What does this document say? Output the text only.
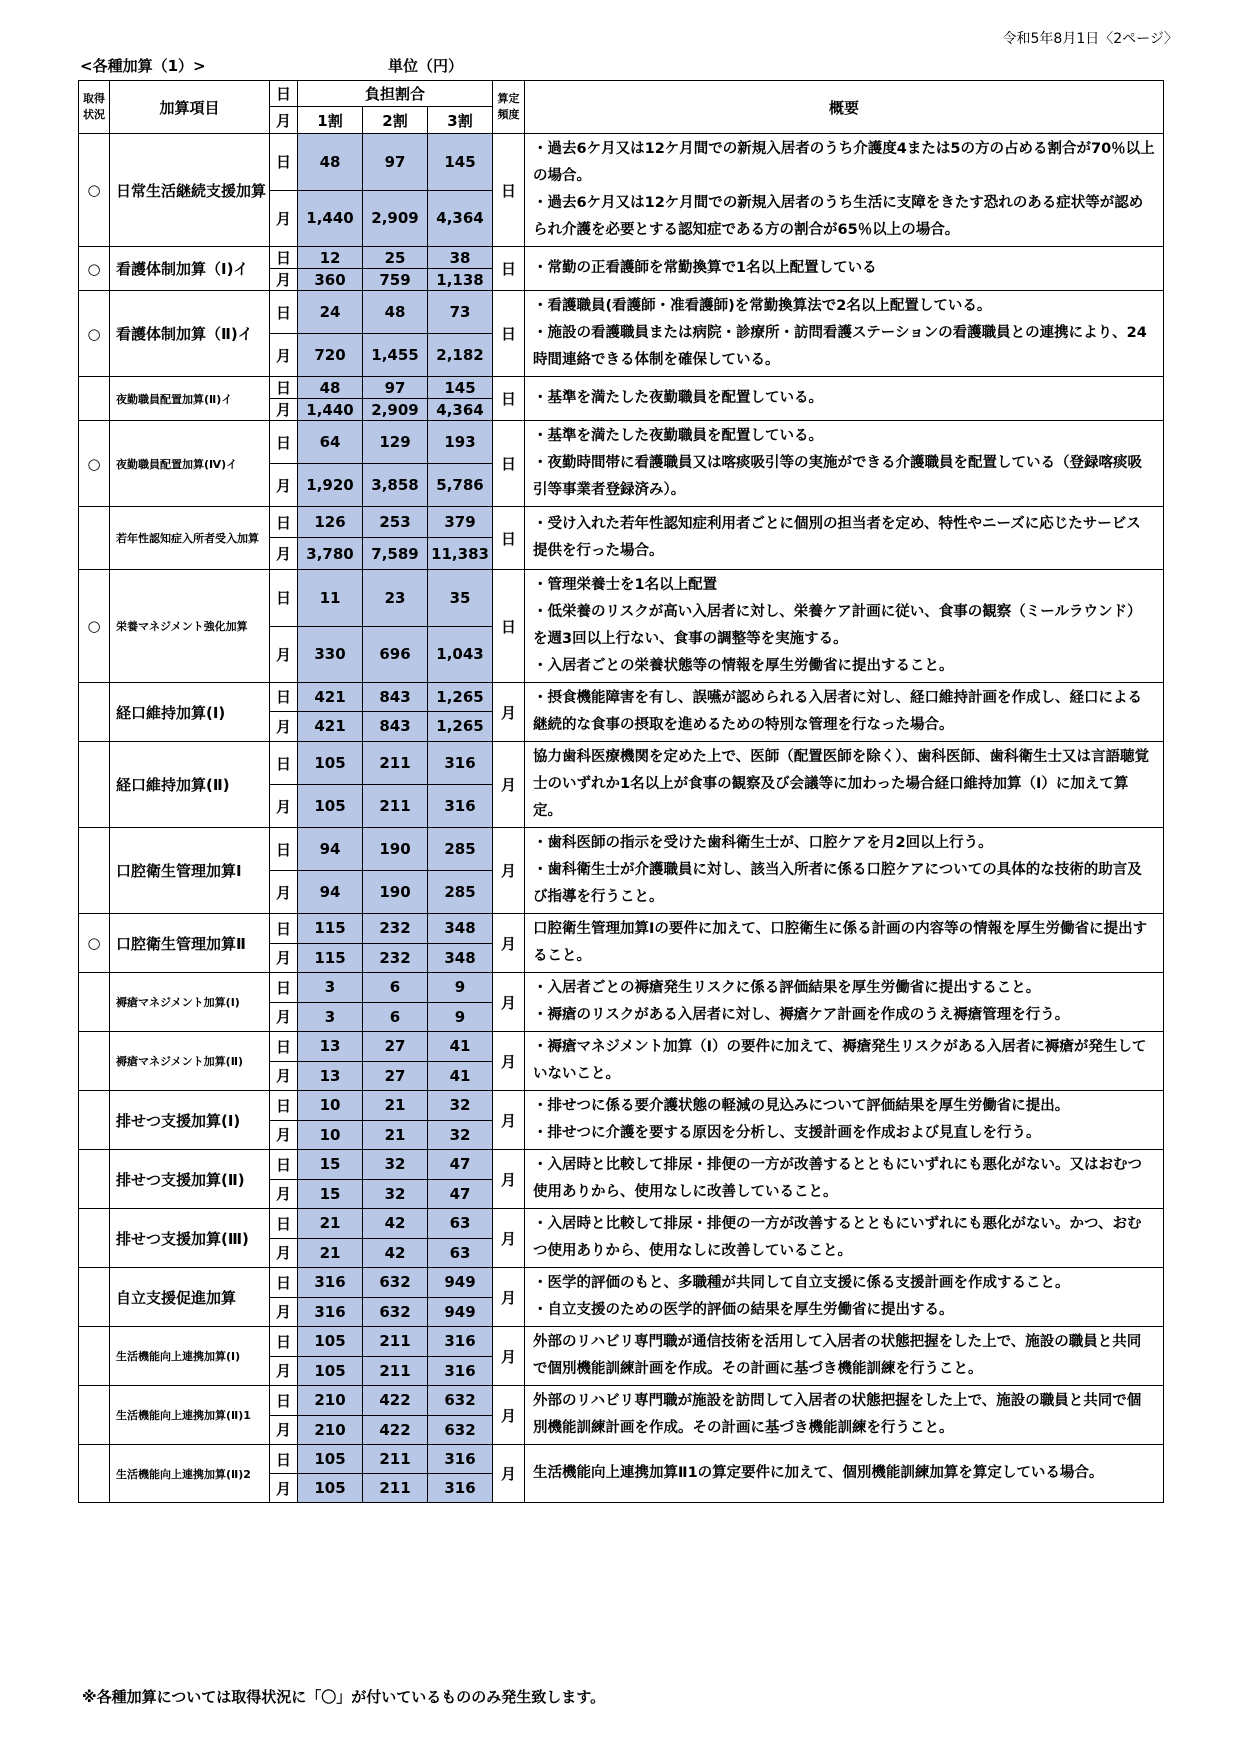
令和5年8月1日〈2ページ〉
<各種加算（1）>	単位（円）
取得状況	加算項目	日	負担割合			算定頻度	概要
		月	1割	2割	3割		
○	日常生活継続支援加算	日	48	97	145	日	・過去6ケ月又は12ケ月間での新規入居者のうち介護度4または5の方の占める割合が70％以上の場合。
・過去6ケ月又は12ケ月間での新規入居者のうち生活に支障をきたす恐れのある症状等が認められ介護を必要とする認知症である方の割合が65％以上の場合。

		月	1,440	2,909	4,364		
○	看護体制加算（Ⅰ)イ	日	12	25	38	日	・常勤の正看護師を常勤換算で1名以上配置している

		月	360	759	1,138		
○	看護体制加算（Ⅱ)イ	日	24	48	73	日	・看護職員(看護師・准看護師)を常勤換算法で2名以上配置している。
・施設の看護職員または病院・診療所・訪問看護ステーションの看護職員との連携により、24時間連絡できる体制を確保している。

		月	720	1,455	2,182		
	夜勤職員配置加算(Ⅱ)イ	日	48	97	145	日	・基準を満たした夜勤職員を配置している。

		月	1,440	2,909	4,364		
○	夜勤職員配置加算(Ⅳ)イ	日	64	129	193	日	・基準を満たした夜勤職員を配置している。
・夜勤時間帯に看護職員又は喀痰吸引等の実施ができる介護職員を配置している（登録喀痰吸引等事業者登録済み）。

		月	1,920	3,858	5,786		
	若年性認知症入所者受入加算	日	126	253	379	日	・受け入れた若年性認知症利用者ごとに個別の担当者を定め、特性やニーズに応じたサービス提供を行った場合。

		月	3,780	7,589	11,383		
○	栄養マネジメント強化加算	日	11	23	35	日	・管理栄養士を1名以上配置
・低栄養のリスクが高い入居者に対し、栄養ケア計画に従い、食事の観察（ミールラウンド）を週3回以上行ない、食事の調整等を実施する。
・入居者ごとの栄養状態等の情報を厚生労働省に提出すること。

		月	330	696	1,043		
	経口維持加算(Ⅰ)	日	421	843	1,265	月	・摂食機能障害を有し、誤嚥が認められる入居者に対し、経口維持計画を作成し、経口による継続的な食事の摂取を進めるための特別な管理を行なった場合。

		月	421	843	1,265		
	経口維持加算(Ⅱ)	日	105	211	316	月	協力歯科医療機関を定めた上で、医師（配置医師を除く）、歯科医師、歯科衛生士又は言語聴覚士のいずれか1名以上が食事の観察及び会議等に加わった場合経口維持加算（Ⅰ）に加えて算定。

		月	105	211	316		
	口腔衛生管理加算Ⅰ	日	94	190	285	月	・歯科医師の指示を受けた歯科衛生士が、口腔ケアを月2回以上行う。
・歯科衛生士が介護職員に対し、該当入所者に係る口腔ケアについての具体的な技術的助言及び指導を行うこと。

		月	94	190	285		
○	口腔衛生管理加算Ⅱ	日	115	232	348	月	口腔衛生管理加算Ⅰの要件に加えて、口腔衛生に係る計画の内容等の情報を厚生労働省に提出すること。

		月	115	232	348		
	褥瘡マネジメント加算(Ⅰ)	日	3	6	9	月	・入居者ごとの褥瘡発生リスクに係る評価結果を厚生労働省に提出すること。
・褥瘡のリスクがある入居者に対し、褥瘡ケア計画を作成のうえ褥瘡管理を行う。

		月	3	6	9		
	褥瘡マネジメント加算(Ⅱ)	日	13	27	41	月	・褥瘡マネジメント加算（Ⅰ）の要件に加えて、褥瘡発生リスクがある入居者に褥瘡が発生していないこと。

		月	13	27	41		
	排せつ支援加算(Ⅰ)	日	10	21	32	月	・排せつに係る要介護状態の軽減の見込みについて評価結果を厚生労働省に提出。
・排せつに介護を要する原因を分析し、支援計画を作成および見直しを行う。

		月	10	21	32		
	排せつ支援加算(Ⅱ)	日	15	32	47	月	・入居時と比較して排尿・排便の一方が改善するとともにいずれにも悪化がない。又はおむつ使用ありから、使用なしに改善していること。

		月	15	32	47		
	排せつ支援加算(Ⅲ)	日	21	42	63	月	・入居時と比較して排尿・排便の一方が改善するとともにいずれにも悪化がない。かつ、おむつ使用ありから、使用なしに改善していること。

		月	21	42	63		
	自立支援促進加算	日	316	632	949	月	・医学的評価のもと、多職種が共同して自立支援に係る支援計画を作成すること。
・自立支援のための医学的評価の結果を厚生労働省に提出する。

		月	316	632	949		
	生活機能向上連携加算(Ⅰ)	日	105	211	316	月	外部のリハビリ専門職が通信技術を活用して入居者の状態把握をした上で、施設の職員と共同で個別機能訓練計画を作成。その計画に基づき機能訓練を行うこと。

		月	105	211	316		
	生活機能向上連携加算(Ⅱ)1	日	210	422	632	月	外部のリハビリ専門職が施設を訪問して入居者の状態把握をした上で、施設の職員と共同で個別機能訓練計画を作成。その計画に基づき機能訓練を行うこと。

		月	210	422	632		
	生活機能向上連携加算(Ⅱ)2	日	105	211	316	月	生活機能向上連携加算Ⅱ1の算定要件に加えて、個別機能訓練加算を算定している場合。

		月	105	211	316		
※各種加算については取得状況に「〇」が付いているもののみ発生致します。
